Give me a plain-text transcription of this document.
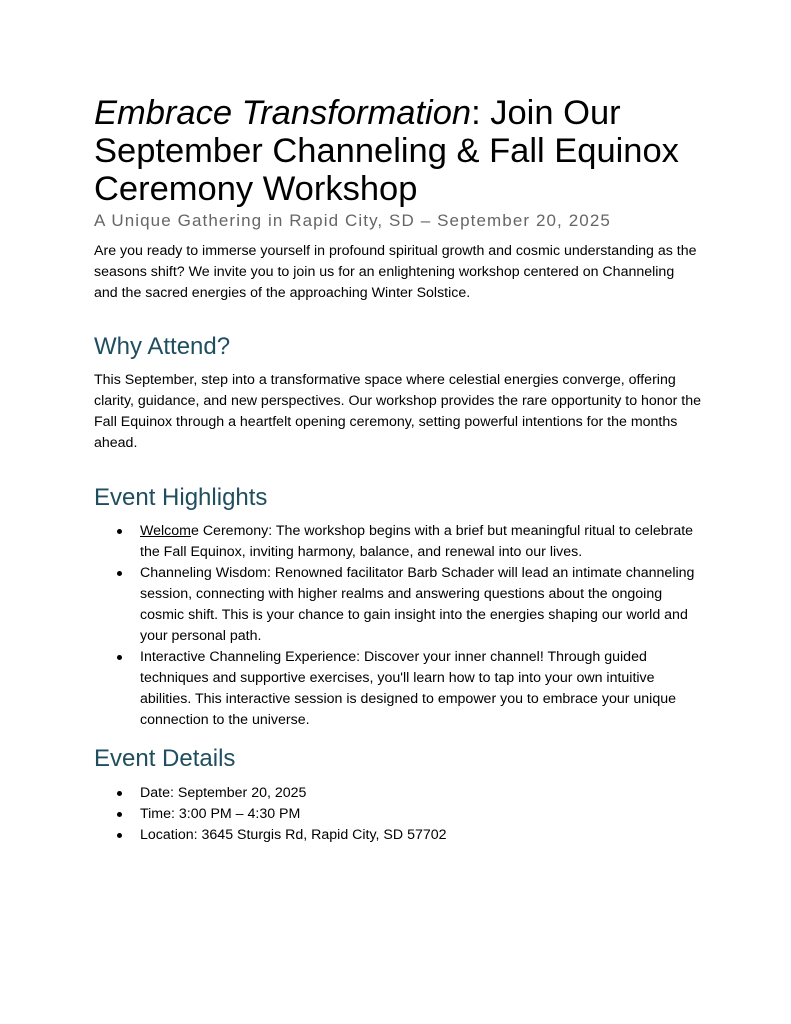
Embrace Transformation: Join Our September Channeling & Fall Equinox Ceremony Workshop
A Unique Gathering in Rapid City, SD – September 20, 2025

Are you ready to immerse yourself in profound spiritual growth and cosmic understanding as the seasons shift? We invite you to join us for an enlightening workshop centered on Channeling and the sacred energies of the approaching Winter Solstice.

Why Attend?

This September, step into a transformative space where celestial energies converge, offering clarity, guidance, and new perspectives. Our workshop provides the rare opportunity to honor the Fall Equinox through a heartfelt opening ceremony, setting powerful intentions for the months ahead.

Event Highlights
Welcome Ceremony: The workshop begins with a brief but meaningful ritual to celebrate the Fall Equinox, inviting harmony, balance, and renewal into our lives.
Channeling Wisdom: Renowned facilitator Barb Schader will lead an intimate channeling session, connecting with higher realms and answering questions about the ongoing cosmic shift. This is your chance to gain insight into the energies shaping our world and your personal path.
Interactive Channeling Experience: Discover your inner channel! Through guided techniques and supportive exercises, you'll learn how to tap into your own intuitive abilities. This interactive session is designed to empower you to embrace your unique connection to the universe.
Event Details
Date: September 20, 2025
Time: 3:00 PM – 4:30 PM
Location: 3645 Sturgis Rd, Rapid City, SD 57702
